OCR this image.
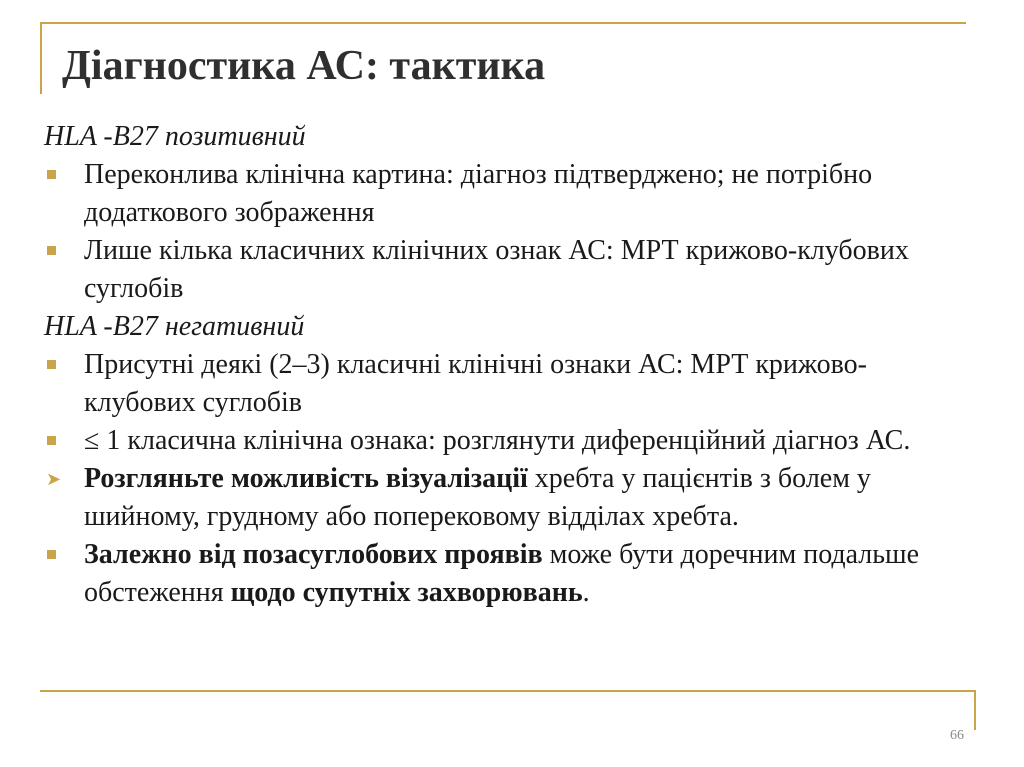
Діагностика АС: тактика

HLA -B27 позитивний

Переконлива клінічна картина: діагноз підтверджено; не потрібно додаткового зображення
Лише кілька класичних клінічних ознак АС: МРТ крижово-клубових суглобів

HLA -B27 негативний

Присутні деякі (2–3) класичні клінічні ознаки АС: МРТ крижово-клубових суглобів
≤ 1 класична клінічна ознака: розглянути диференційний діагноз АС.
➤ Розгляньте можливість візуалізації хребта у пацієнтів з болем у шийному, грудному або поперековому відділах хребта.
Залежно від позасуглобових проявів може бути доречним подальше обстеження щодо супутніх захворювань.
66
